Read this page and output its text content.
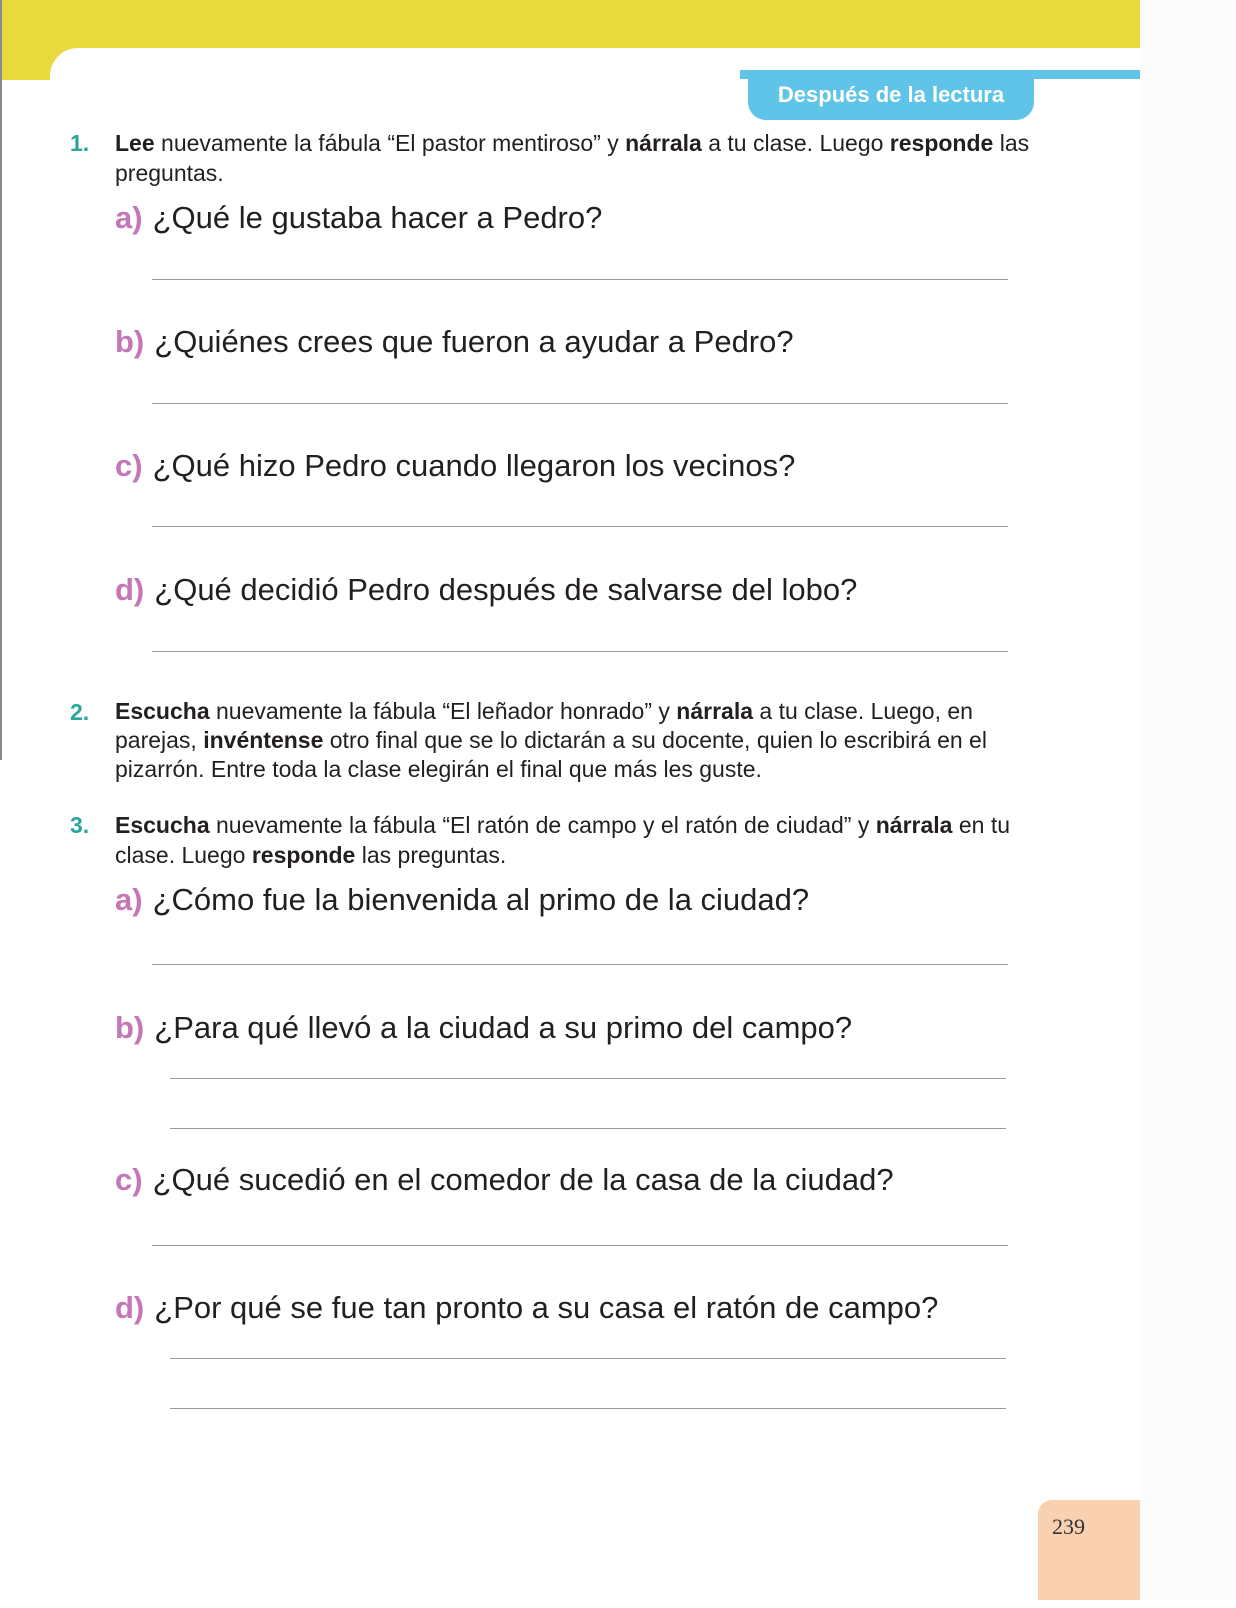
Después de la lectura
1. Lee nuevamente la fábula “El pastor mentiroso” y nárrala a tu clase. Luego responde las preguntas.
a) ¿Qué le gustaba hacer a Pedro?
b) ¿Quiénes crees que fueron a ayudar a Pedro?
c) ¿Qué hizo Pedro cuando llegaron los vecinos?
d) ¿Qué decidió Pedro después de salvarse del lobo?
2. Escucha nuevamente la fábula “El leñador honrado” y nárrala a tu clase. Luego, en parejas, invéntense otro final que se lo dictarán a su docente, quien lo escribirá en el pizarrón. Entre toda la clase elegirán el final que más les guste.
3. Escucha nuevamente la fábula “El ratón de campo y el ratón de ciudad” y nárrala en tu clase. Luego responde las preguntas.
a) ¿Cómo fue la bienvenida al primo de la ciudad?
b) ¿Para qué llevó a la ciudad a su primo del campo?
c) ¿Qué sucedió en el comedor de la casa de la ciudad?
d) ¿Por qué se fue tan pronto a su casa el ratón de campo?
239
